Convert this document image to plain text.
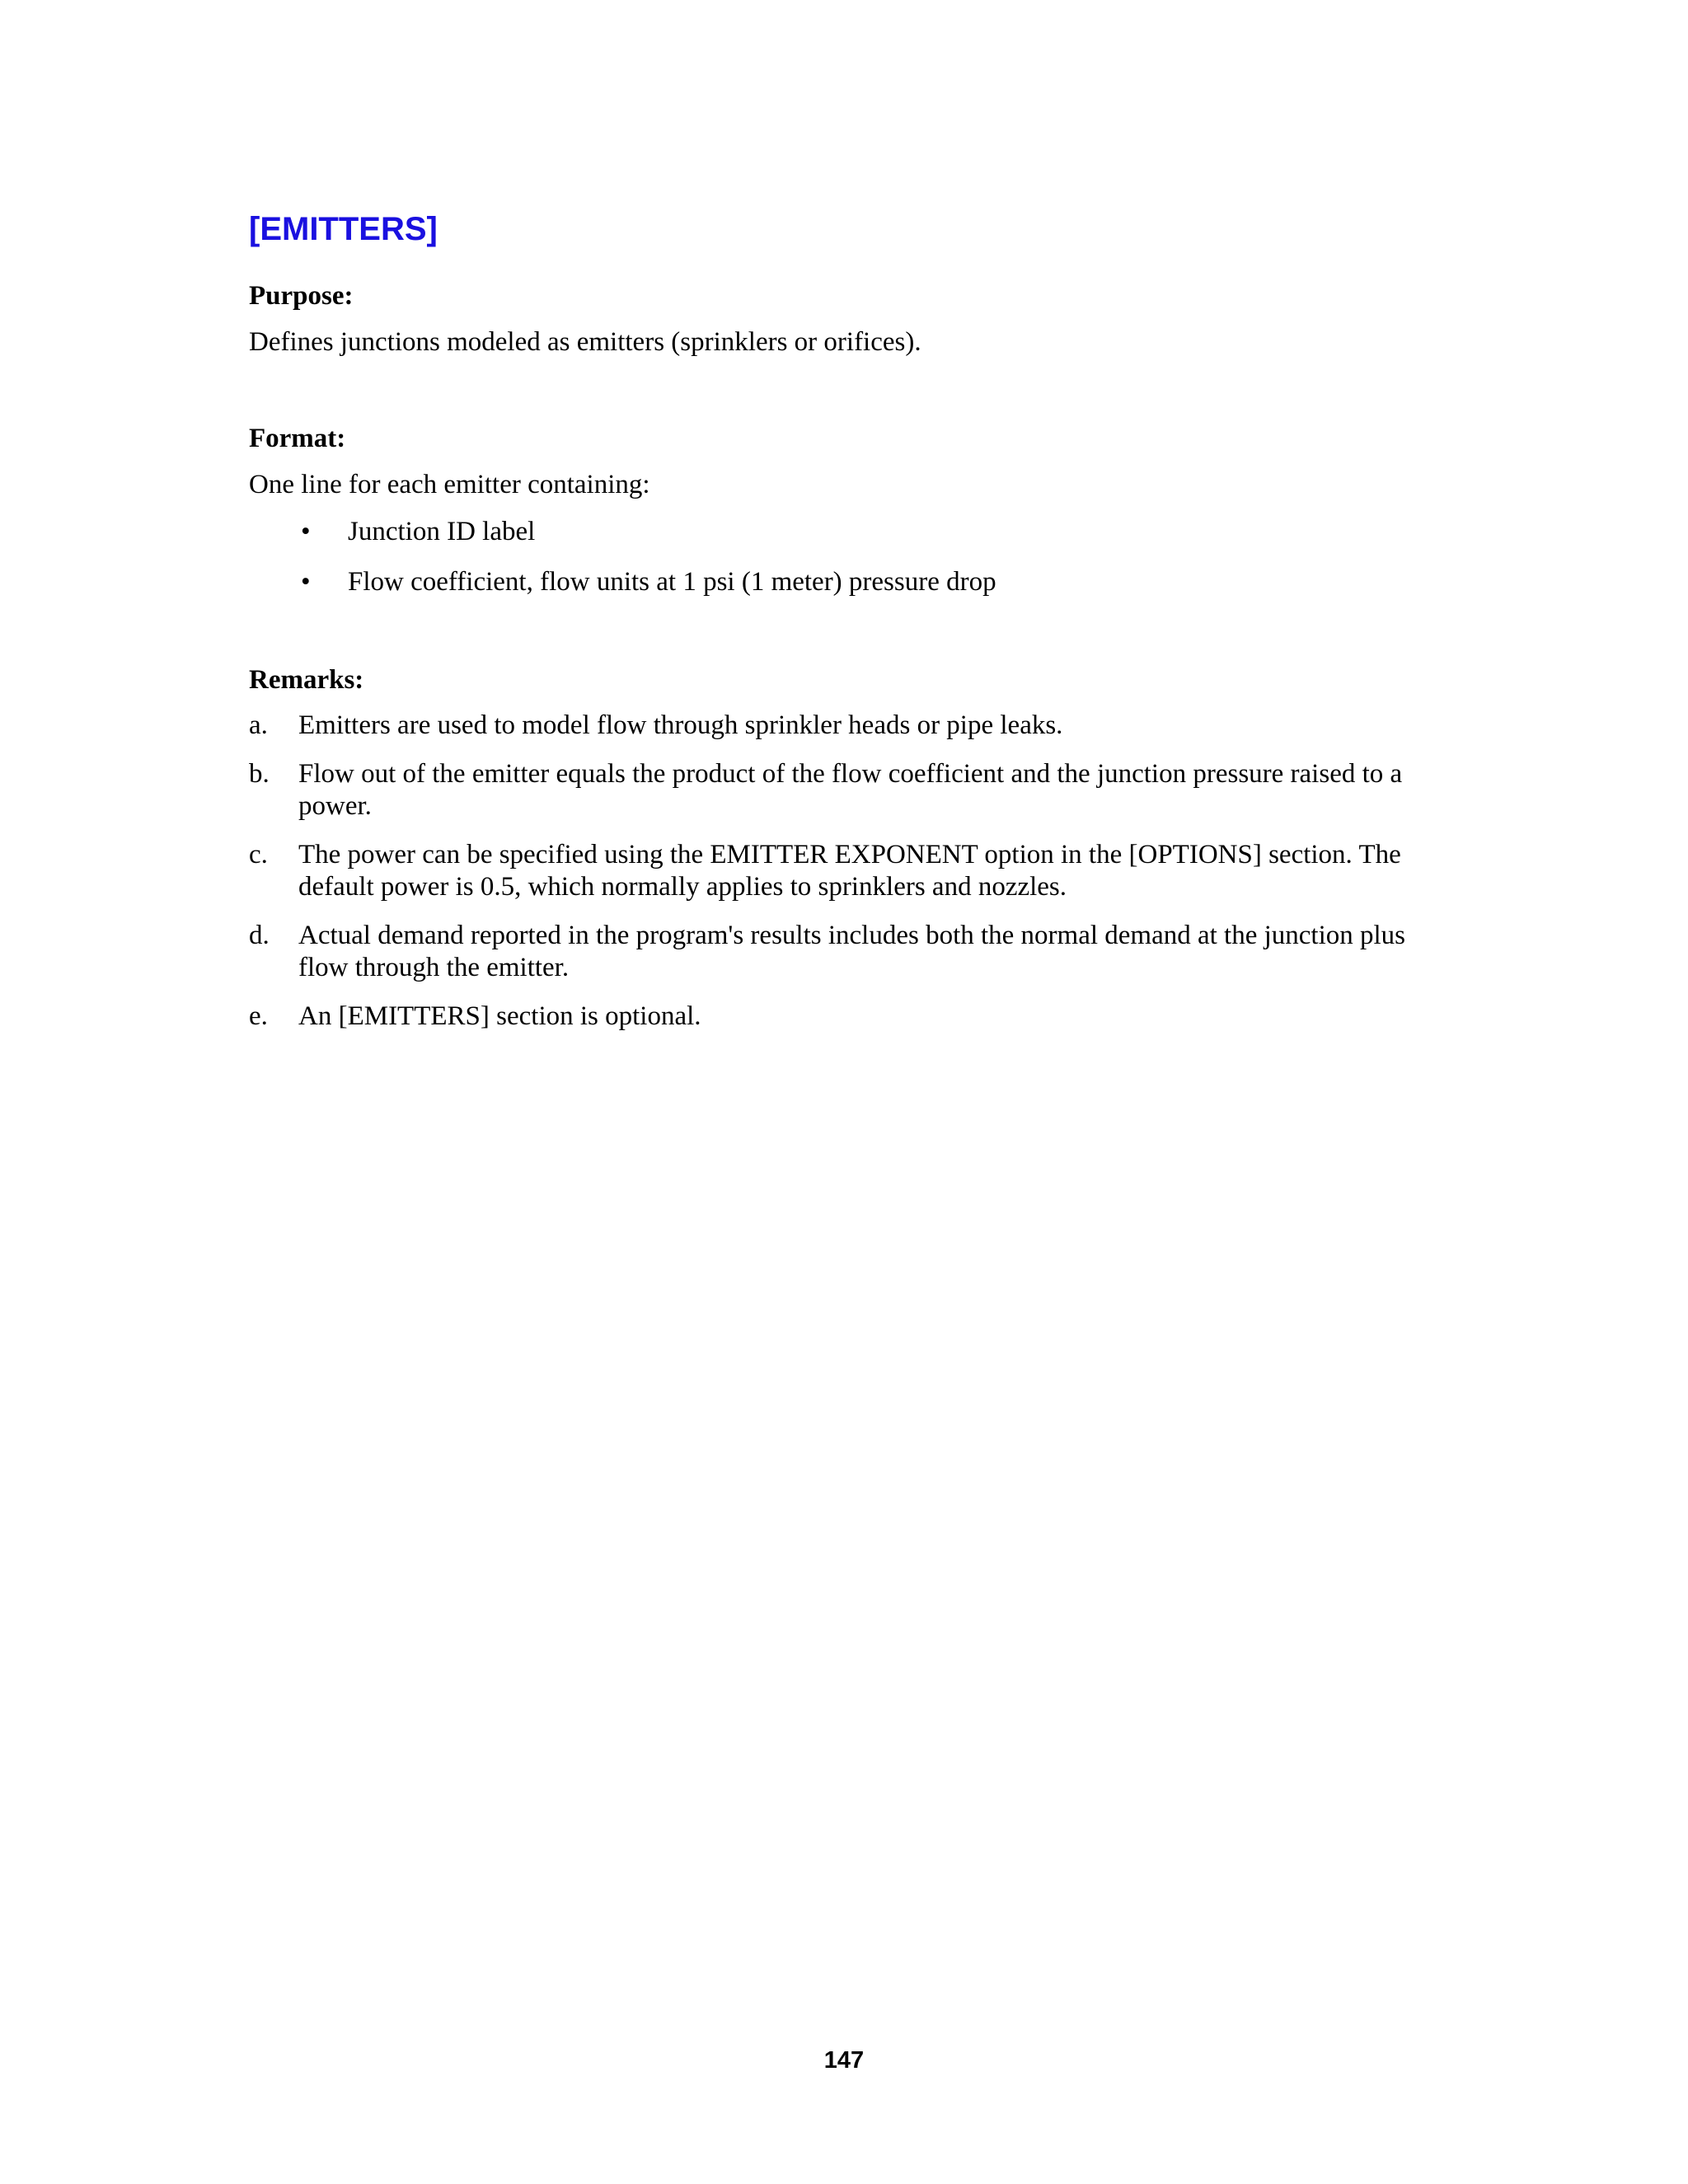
[EMITTERS]
Purpose:

Defines junctions modeled as emitters (sprinklers or orifices).

Format:

One line for each emitter containing:

• Junction ID label
• Flow coefficient, flow units at 1 psi (1 meter) pressure drop
Remarks:
a. Emitters are used to model flow through sprinkler heads or pipe leaks.
b. Flow out of the emitter equals the product of the flow coefficient and the junction pressure raised to a power.
c. The power can be specified using the EMITTER EXPONENT option in the [OPTIONS] section. The default power is 0.5, which normally applies to sprinklers and nozzles.
d. Actual demand reported in the program's results includes both the normal demand at the junction plus flow through the emitter.
e. An [EMITTERS] section is optional.
147
